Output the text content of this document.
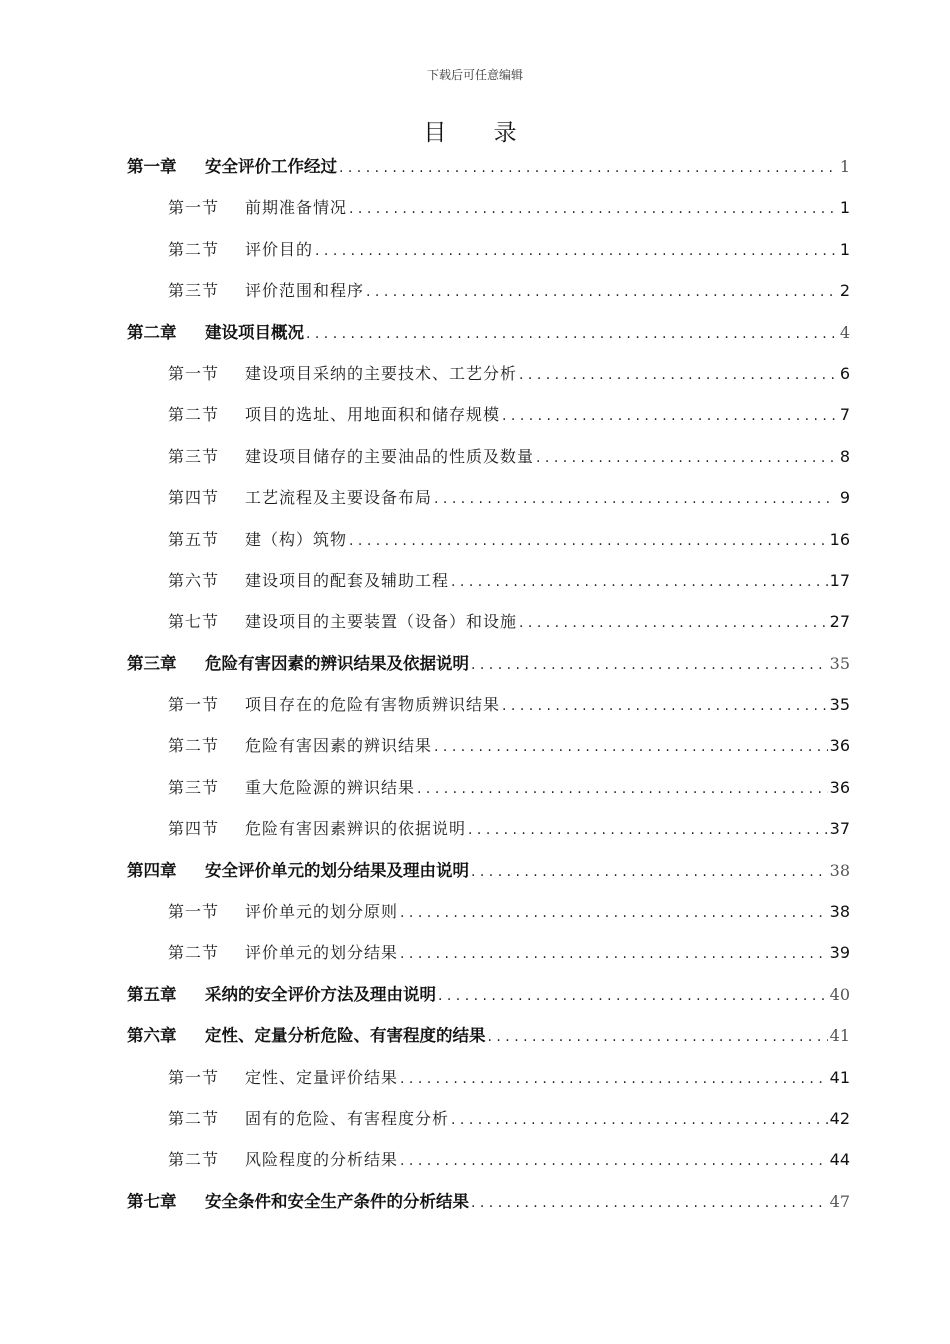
下载后可任意编辑
目 录
第一章	安全评价工作经过 . . .	1
第一节	前期准备情况 . . .	1
第二节	评价目的 . . .	1
第三节	评价范围和程序 . . .	2
第二章	建设项目概况 . . .	4
第一节	建设项目采纳的主要技术、工艺分析 . . .	6
第二节	项目的选址、用地面积和储存规模 . . .	7
第三节	建设项目储存的主要油品的性质及数量 . . .	8
第四节	工艺流程及主要设备布局 . . .	9
第五节	建（构）筑物 . . .	16
第六节	建设项目的配套及辅助工程 . . .	17
第七节	建设项目的主要装置（设备）和设施 . . .	27
第三章	危险有害因素的辨识结果及依据说明 . . .	35
第一节	项目存在的危险有害物质辨识结果 . . .	35
第二节	危险有害因素的辨识结果 . . .	36
第三节	重大危险源的辨识结果 . . .	36
第四节	危险有害因素辨识的依据说明 . . .	37
第四章	安全评价单元的划分结果及理由说明 . . .	38
第一节	评价单元的划分原则 . . .	38
第二节	评价单元的划分结果 . . .	39
第五章	采纳的安全评价方法及理由说明 . . .	40
第六章	定性、定量分析危险、有害程度的结果 . . .	41
第一节	定性、定量评价结果 . . .	41
第二节	固有的危险、有害程度分析 . . .	42
第二节	风险程度的分析结果 . . .	44
第七章	安全条件和安全生产条件的分析结果 . . .	47
